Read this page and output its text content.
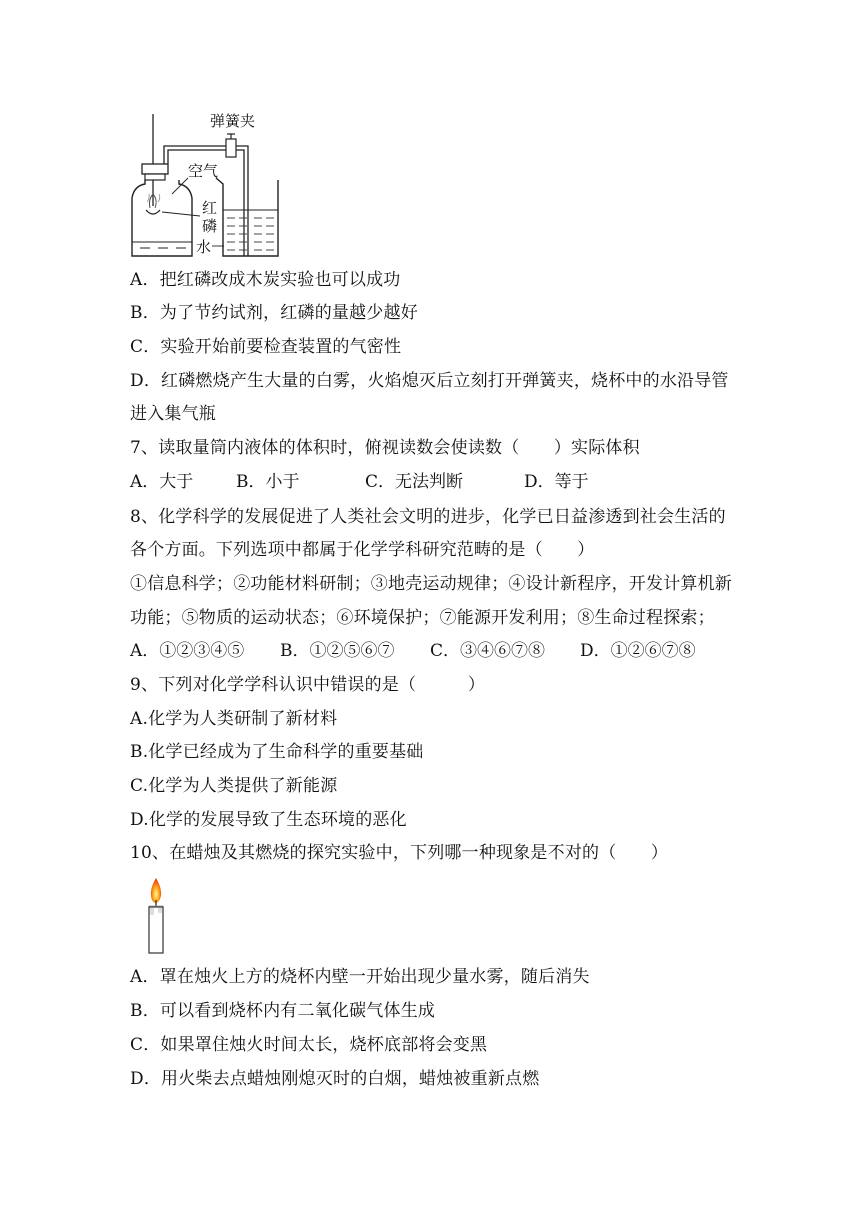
弹簧夹
空气
红
磷
水
A．把红磷改成木炭实验也可以成功
B．为了节约试剂，红磷的量越少越好
C．实验开始前要检查装置的气密性
D．红磷燃烧产生大量的白雾，火焰熄灭后立刻打开弹簧夹，烧杯中的水沿导管
进入集气瓶
7、读取量筒内液体的体积时，俯视读数会使读数（　　）实际体积
A．大于	B．小于	C．无法判断	D．等于
8、化学科学的发展促进了人类社会文明的进步，化学已日益渗透到社会生活的
各个方面。下列选项中都属于化学学科研究范畴的是（　　）
①信息科学；②功能材料研制；③地壳运动规律；④设计新程序，开发计算机新
功能；⑤物质的运动状态；⑥环境保护；⑦能源开发利用；⑧生命过程探索；
A．①②③④⑤ B．①②⑤⑥⑦ C．③④⑥⑦⑧ D．①②⑥⑦⑧
9、下列对化学学科认识中错误的是（　　　）
A.化学为人类研制了新材料
B.化学已经成为了生命科学的重要基础
C.化学为人类提供了新能源
D.化学的发展导致了生态环境的恶化
10、在蜡烛及其燃烧的探究实验中，下列哪一种现象是不对的（　　）
A．罩在烛火上方的烧杯内壁一开始出现少量水雾，随后消失
B．可以看到烧杯内有二氧化碳气体生成
C．如果罩住烛火时间太长，烧杯底部将会变黑
D．用火柴去点蜡烛刚熄灭时的白烟，蜡烛被重新点燃
